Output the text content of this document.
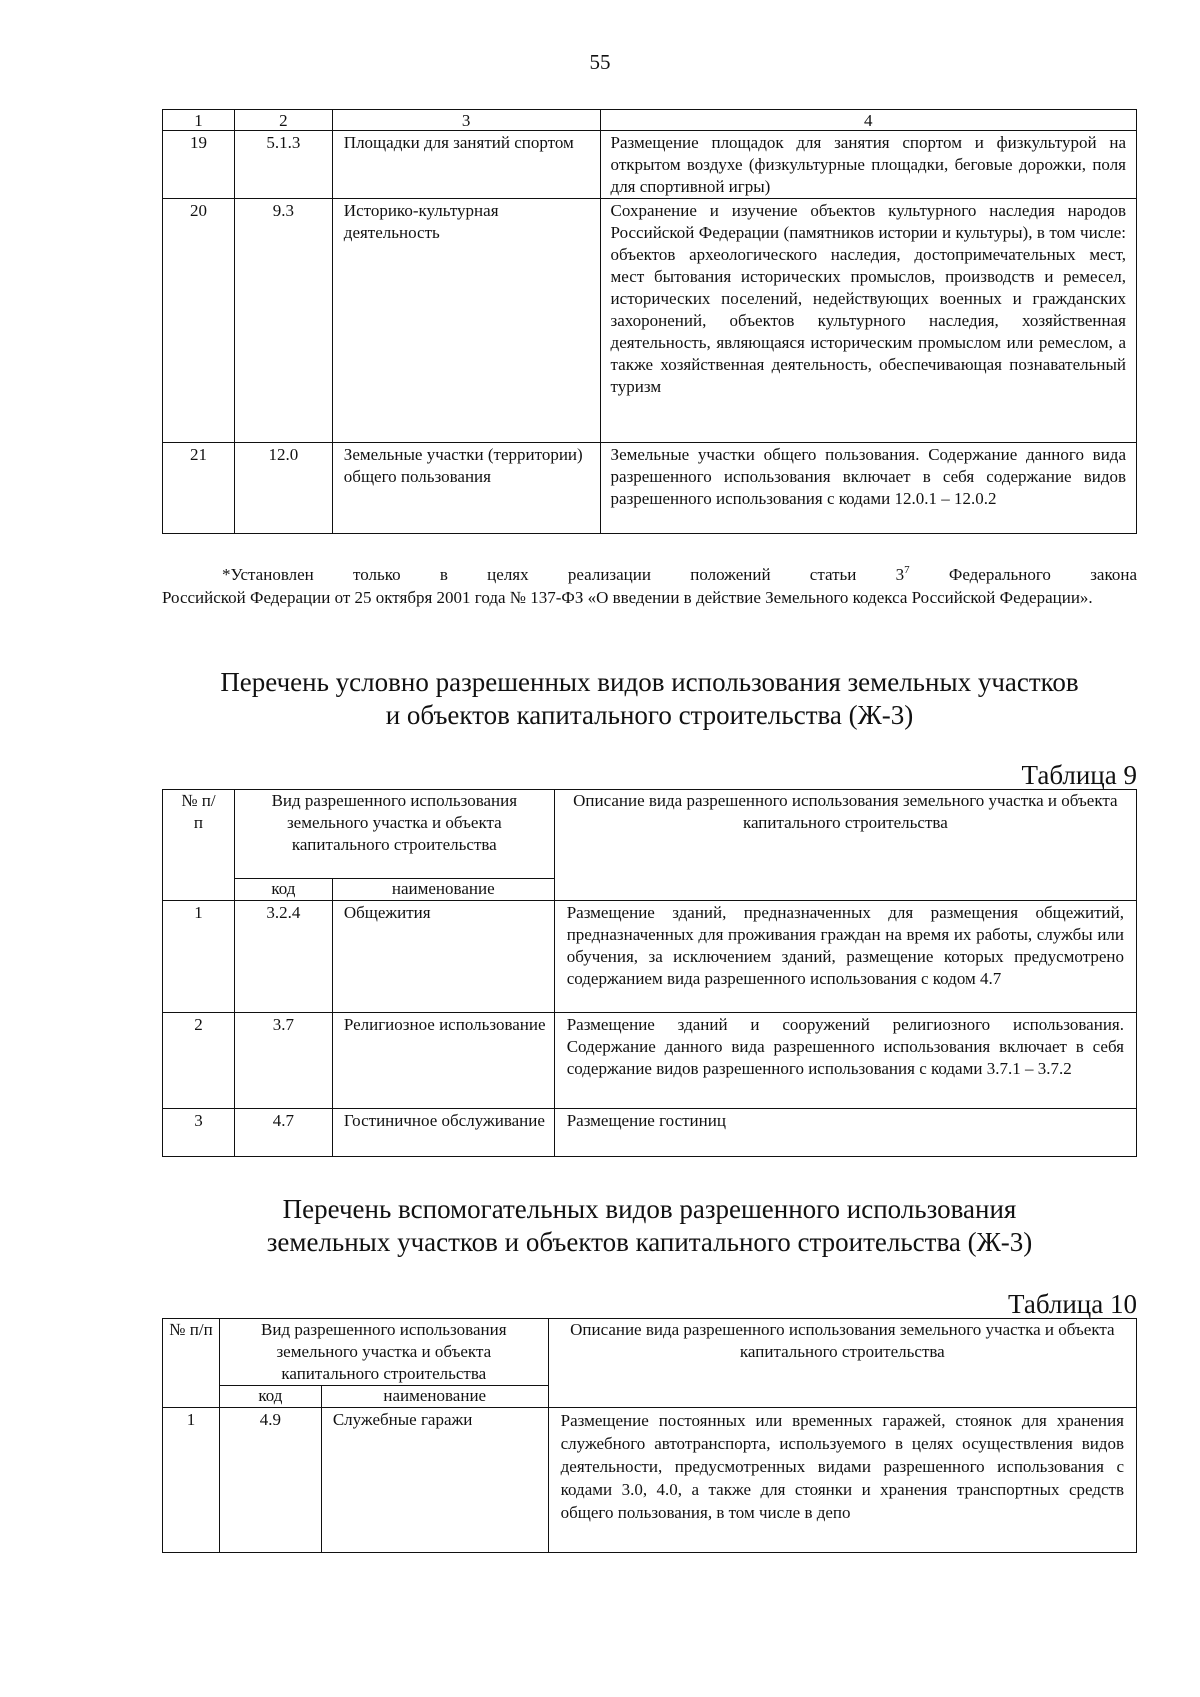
55
1	2	3	4
19	5.1.3	Площадки для занятий спортом	Размещение площадок для занятия спортом и физкультурой на открытом воздухе (физкультурные площадки, беговые дорожки, поля для спортивной игры)
20	9.3	Историко-культурная деятельность	Сохранение и изучение объектов культурного наследия народов Российской Федерации (памятников истории и культуры), в том числе: объектов археологического наследия, достопримечательных мест, мест бытования исторических промыслов, производств и ремесел, исторических поселений, недействующих военных и гражданских захоронений, объектов культурного наследия, хозяйственная деятельность, являющаяся историческим промыслом или ремеслом, а также хозяйственная деятельность, обеспечивающая познавательный туризм
21	12.0	Земельные участки (территории) общего пользования	Земельные участки общего пользования. Содержание данного вида разрешенного использования включает в себя содержание видов разрешенного использования с кодами 12.0.1 – 12.0.2
*Установлен только в целях реализации положений статьи $3^7$ Федерального закона
Российской Федерации от 25 октября 2001 года № 137-ФЗ «О введении в действие Земельного кодекса Российской Федерации».
Перечень условно разрешенных видов использования земельных участков
и объектов капитального строительства (Ж-3)
Таблица 9
№ п/п	Вид разрешенного использования земельного участка и объекта капитального строительства		Описание вида разрешенного использования земельного участка и объекта капитального строительства
	код	наименование	
1	3.2.4	Общежития	Размещение зданий, предназначенных для размещения общежитий, предназначенных для проживания граждан на время их работы, службы или обучения, за исключением зданий, размещение которых предусмотрено содержанием вида разрешенного использования с кодом 4.7
2	3.7	Религиозное использование	Размещение зданий и сооружений религиозного использования. Содержание данного вида разрешенного использования включает в себя содержание видов разрешенного использования с кодами 3.7.1 – 3.7.2
3	4.7	Гостиничное обслуживание	Размещение гостиниц
Перечень вспомогательных видов разрешенного использования
земельных участков и объектов капитального строительства (Ж-3)
Таблица 10
№ п/п	Вид разрешенного использования земельного участка и объекта капитального строительства		Описание вида разрешенного использования земельного участка и объекта капитального строительства
	код	наименование	
1	4.9	Служебные гаражи	Размещение постоянных или временных гаражей, стоянок для хранения служебного автотранспорта, используемого в целях осуществления видов деятельности, предусмотренных видами разрешенного использования с кодами 3.0, 4.0, а также для стоянки и хранения транспортных средств общего пользования, в том числе в депо
